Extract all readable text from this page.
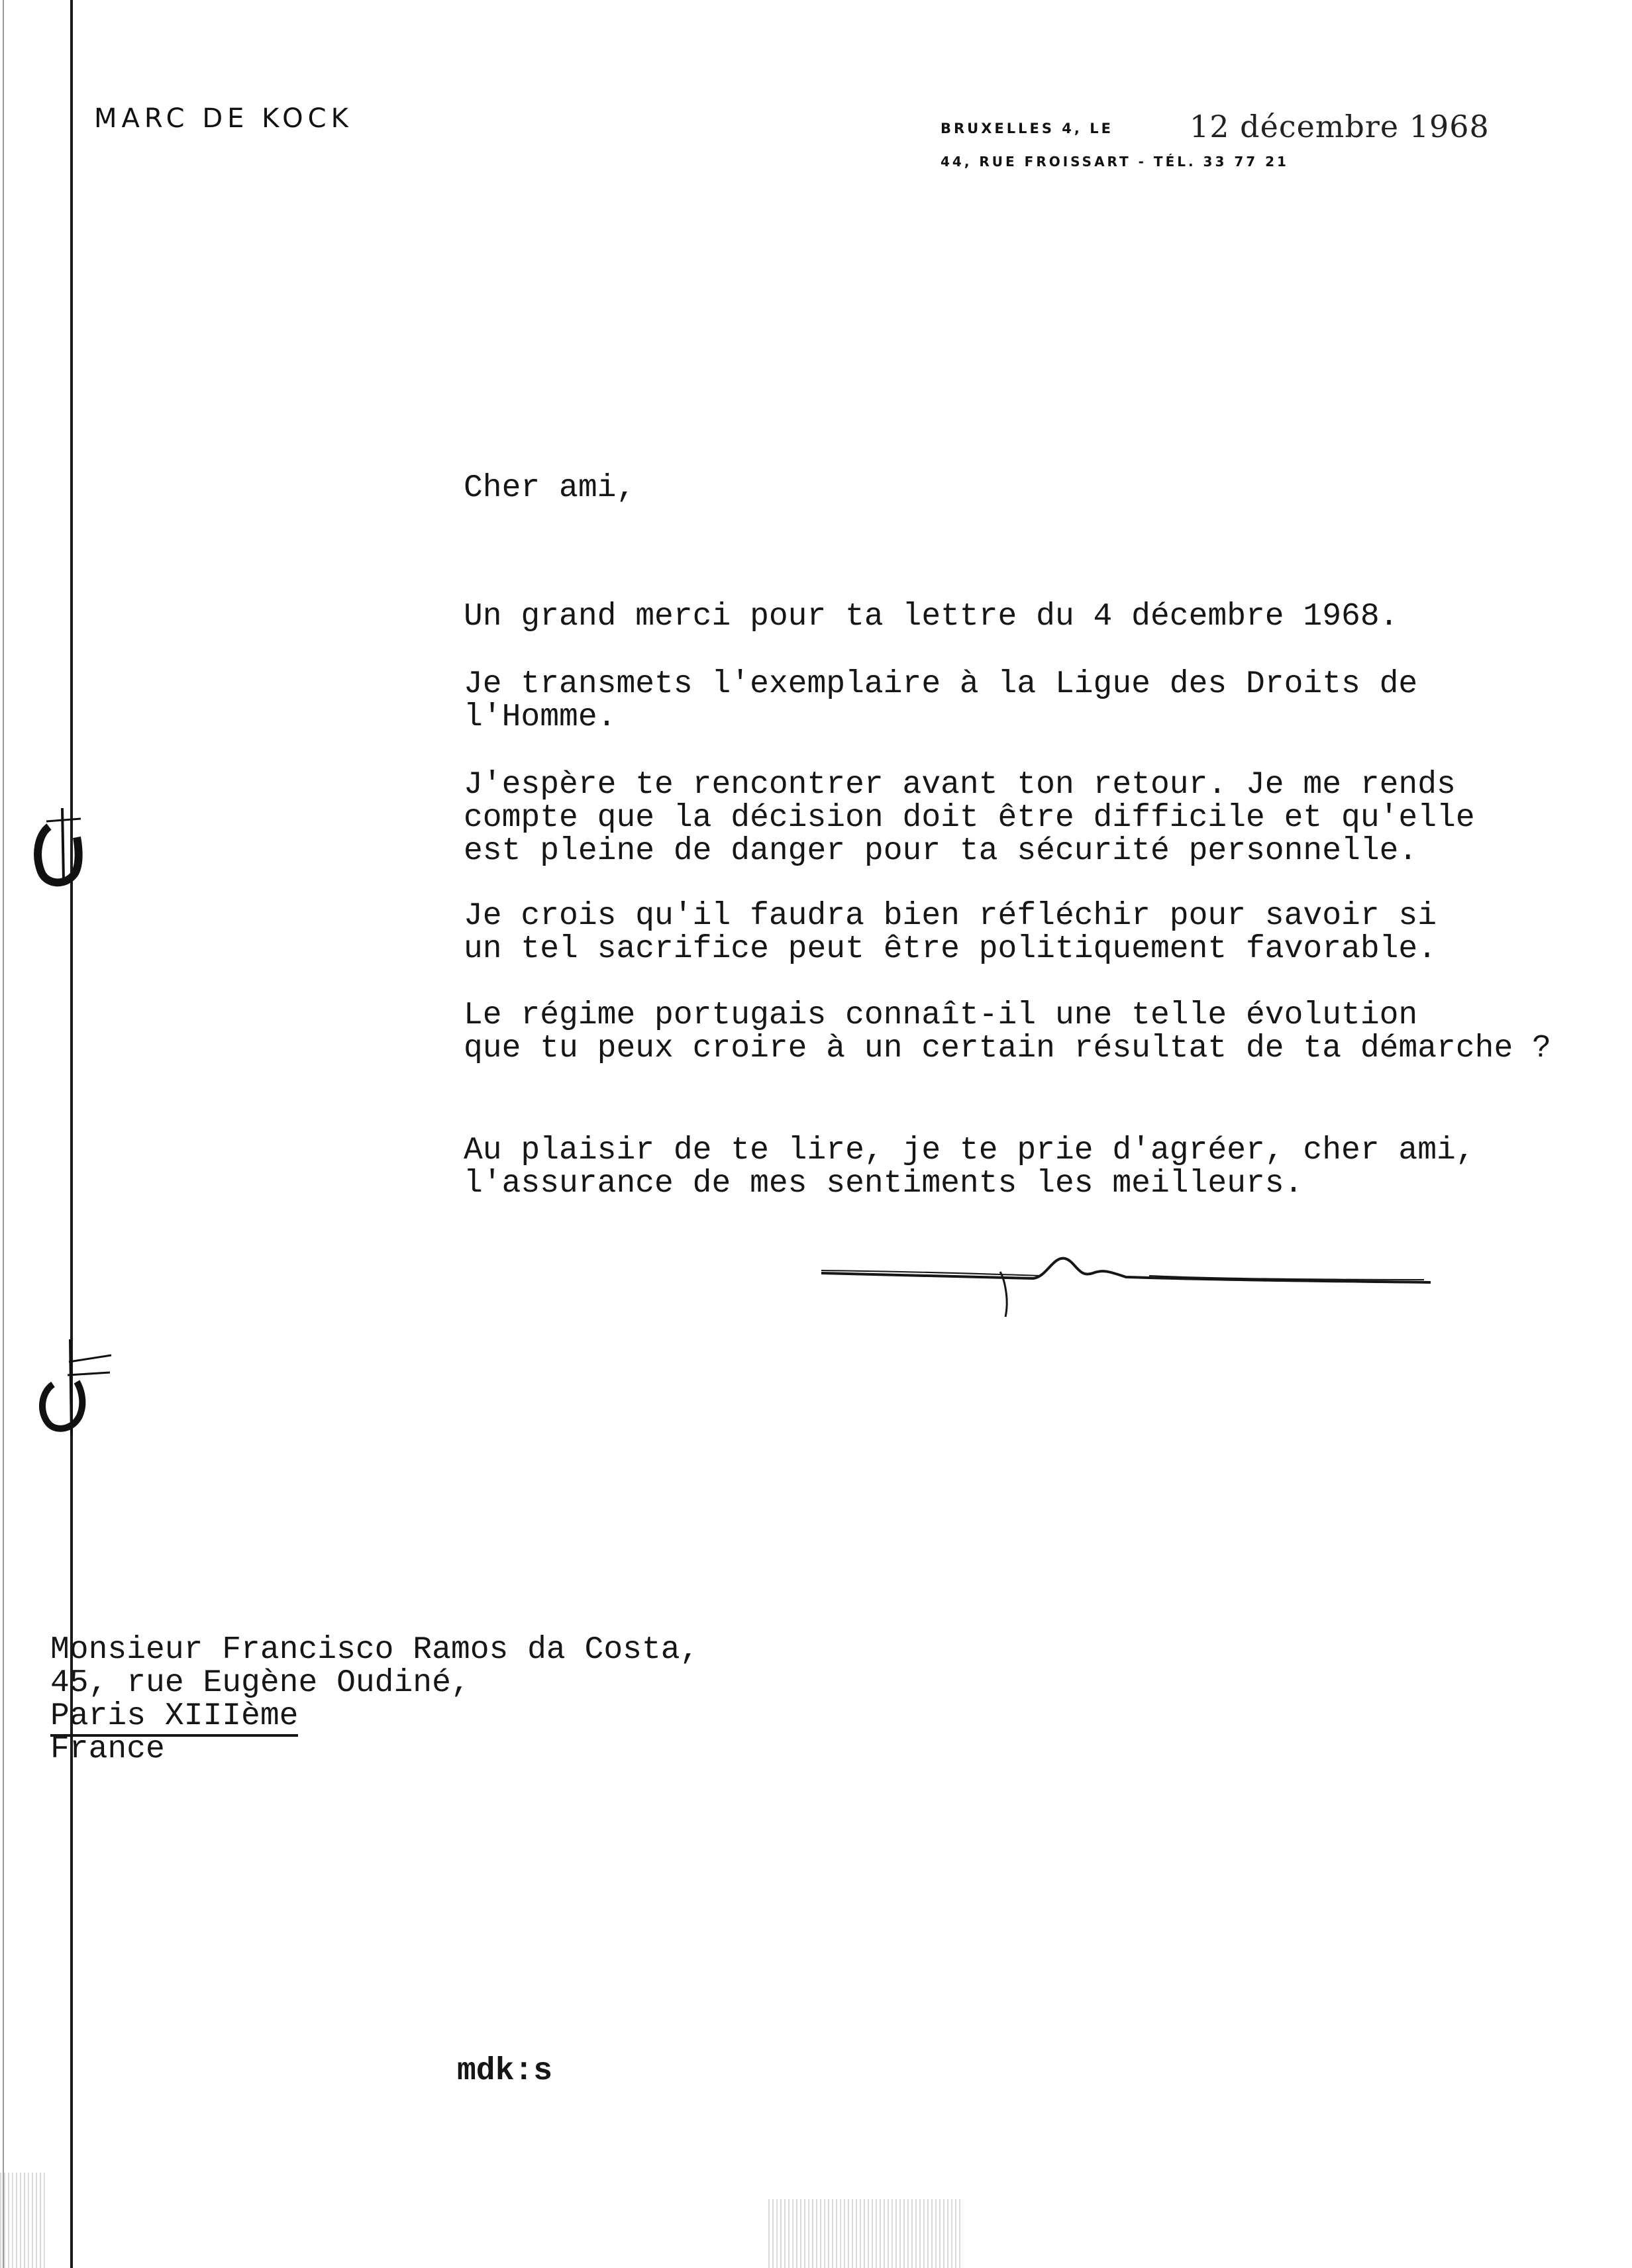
MARC DE KOCK	BRUXELLES 4, LE	12 décembre 1968
44, RUE FROISSART - TÉL. 33 77 21

Cher ami,

Un grand merci pour ta lettre du 4 décembre 1968.
Je transmets l'exemplaire à la Ligue des Droits de
l'Homme.
J'espère te rencontrer avant ton retour. Je me rends
compte que la décision doit être difficile et qu'elle
est pleine de danger pour ta sécurité personnelle.
Je crois qu'il faudra bien réfléchir pour savoir si
un tel sacrifice peut être politiquement favorable.
Le régime portugais connaît-il une telle évolution
que tu peux croire à un certain résultat de ta démarche ?
Au plaisir de te lire, je te prie d'agréer, cher ami,
l'assurance de mes sentiments les meilleurs.
Monsieur Francisco Ramos da Costa,
45, rue Eugène Oudiné,
Paris XIIIème
France
mdk:s
